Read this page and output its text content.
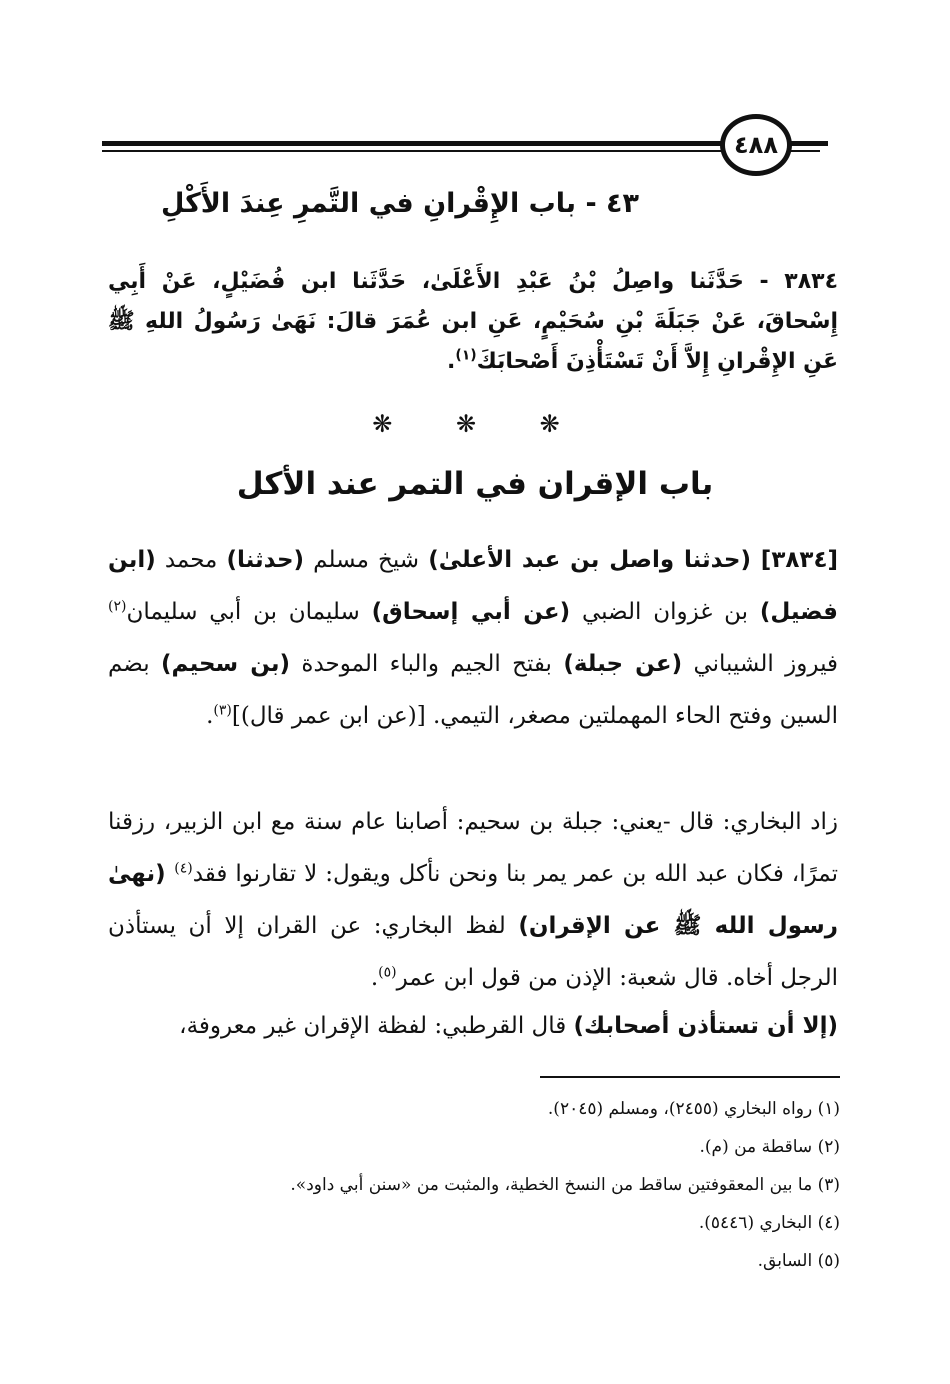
٤٨٨
٤٣ - باب الإِقْرانِ في التَّمرِ عِندَ الأَكْلِ
٣٨٣٤ - حَدَّثَنا واصِلُ بْنُ عَبْدِ الأَعْلَىٰ، حَدَّثَنا ابن فُضَيْلٍ، عَنْ أَبِي إِسْحاقَ، عَنْ جَبَلَةَ بْنِ سُحَيْمٍ، عَنِ ابن عُمَرَ قالَ: نَهَىٰ رَسُولُ اللهِ ﷺ عَنِ الإِقْرانِ إِلاَّ أَنْ تَسْتَأْذِنَ أَصْحابَكَ$^{(١)}$.
❋ ❋ ❋
باب الإقران في التمر عند الأكل
[٣٨٣٤] (حدثنا واصل بن عبد الأعلىٰ) شيخ مسلم (حدثنا) محمد (ابن فضيل) بن غزوان الضبي (عن أبي إسحاق) سليمان بن أبي سليمان$^{(٢)}$ فيروز الشيباني (عن جبلة) بفتح الجيم والباء الموحدة (بن سحيم) بضم السين وفتح الحاء المهملتين مصغر، التيمي. [(عن ابن عمر قال)]$^{(٣)}$.
زاد البخاري: قال -يعني: جبلة بن سحيم: أصابنا عام سنة مع ابن الزبير، رزقنا تمرًا، فكان عبد الله بن عمر يمر بنا ونحن نأكل ويقول: لا تقارنوا فقد$^{(٤)}$ (نهىٰ رسول الله ﷺ عن الإقران) لفظ البخاري: عن القران إلا أن يستأذن الرجل أخاه. قال شعبة: الإذن من قول ابن عمر$^{(٥)}$.
(إلا أن تستأذن أصحابك) قال القرطبي: لفظة الإقران غير معروفة،
(١) رواه البخاري (٢٤٥٥)، ومسلم (٢٠٤٥).
(٢) ساقطة من (م).
(٣) ما بين المعقوفتين ساقط من النسخ الخطية، والمثبت من «سنن أبي داود».
(٤) البخاري (٥٤٤٦).
(٥) السابق.
